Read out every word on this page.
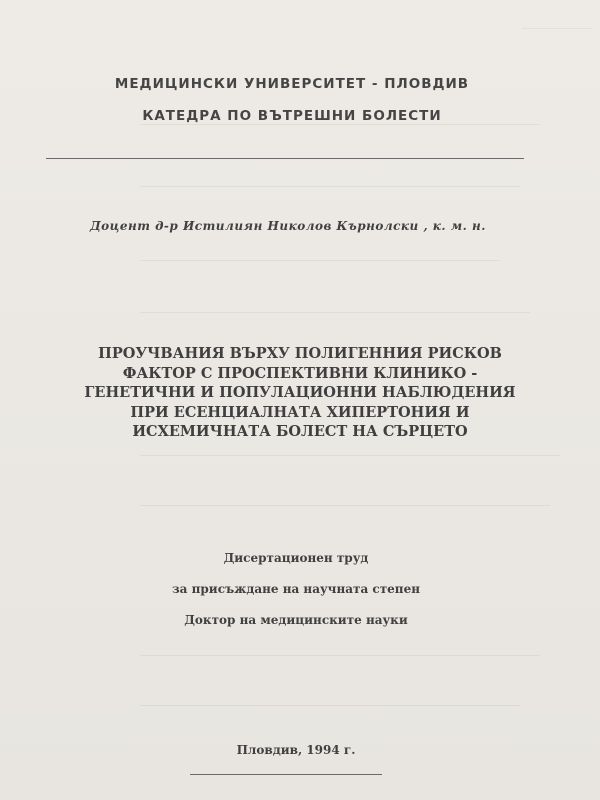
МЕДИЦИНСКИ УНИВЕРСИТЕТ - ПЛОВДИВ
КАТЕДРА ПО ВЪТРЕШНИ БОЛЕСТИ
Доцент д-р Истилиян Николов Кърнолски , к. м. н.
ПРОУЧВАНИЯ ВЪРХУ ПОЛИГЕННИЯ РИСКОВ
ФАКТОР С ПРОСПЕКТИВНИ КЛИНИКО -
ГЕНЕТИЧНИ И ПОПУЛАЦИОННИ НАБЛЮДЕНИЯ
ПРИ ЕСЕНЦИАЛНАТА ХИПЕРТОНИЯ И
ИСХЕМИЧНАТА БОЛЕСТ НА СЪРЦЕТО
Дисертационен труд
за присъждане на научната степен
Доктор на медицинските науки
Пловдив, 1994 г.
